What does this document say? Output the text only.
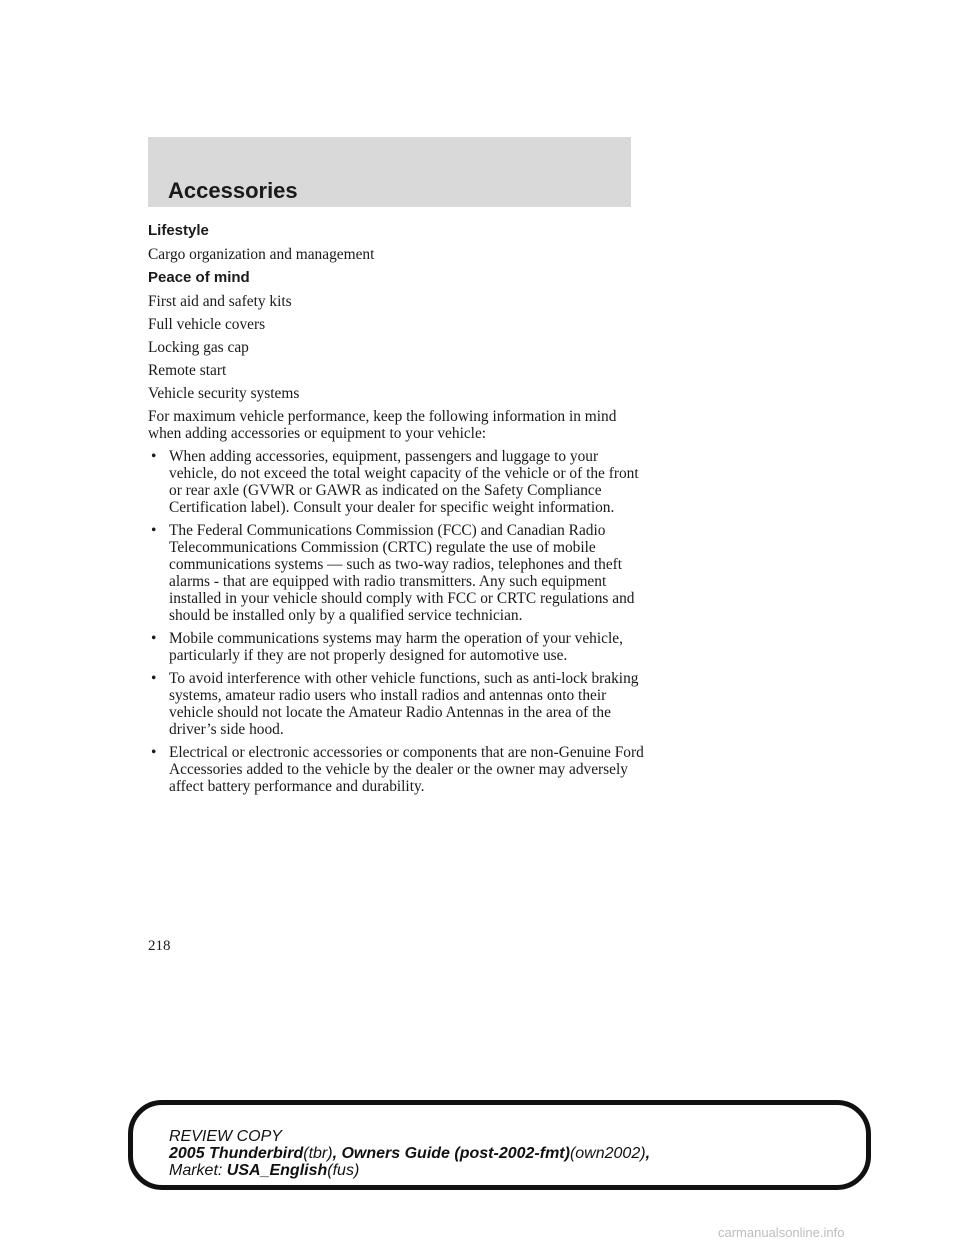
Accessories
Lifestyle
Cargo organization and management
Peace of mind
First aid and safety kits
Full vehicle covers
Locking gas cap
Remote start
Vehicle security systems

For maximum vehicle performance, keep the following information in mind when adding accessories or equipment to your vehicle:

• When adding accessories, equipment, passengers and luggage to your vehicle, do not exceed the total weight capacity of the vehicle or of the front or rear axle (GVWR or GAWR as indicated on the Safety Compliance Certification label). Consult your dealer for specific weight information.
• The Federal Communications Commission (FCC) and Canadian Radio Telecommunications Commission (CRTC) regulate the use of mobile communications systems — such as two-way radios, telephones and theft alarms - that are equipped with radio transmitters. Any such equipment installed in your vehicle should comply with FCC or CRTC regulations and should be installed only by a qualified service technician.
• Mobile communications systems may harm the operation of your vehicle, particularly if they are not properly designed for automotive use.
• To avoid interference with other vehicle functions, such as anti-lock braking systems, amateur radio users who install radios and antennas onto their vehicle should not locate the Amateur Radio Antennas in the area of the driver’s side hood.
• Electrical or electronic accessories or components that are non-Genuine Ford Accessories added to the vehicle by the dealer or the owner may adversely affect battery performance and durability.
218
REVIEW COPY
2005 Thunderbird(tbr), Owners Guide (post-2002-fmt)(own2002),
Market: USA_English(fus)
carmanualsonline.info
